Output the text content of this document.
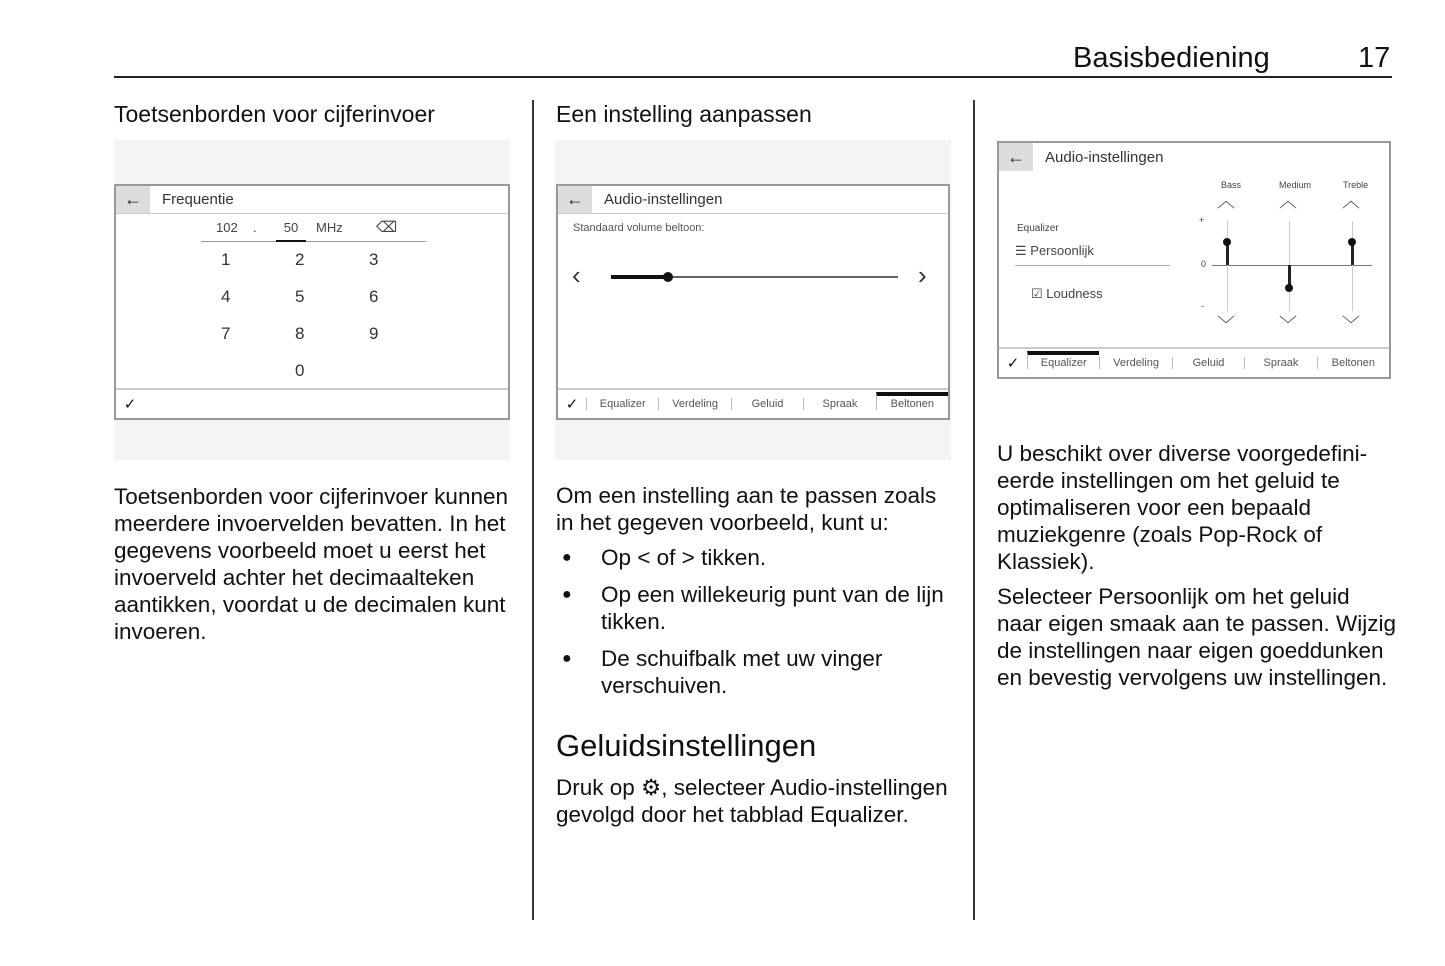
Basisbediening	17
Toetsenborden voor cijferinvoer
←	Frequentie
102 .	50	MHz ⌫
1	2	3
4	5	6
7	8	9
0
✓
Toetsenborden voor cijferinvoer kunnen meerdere invoervelden bevatten. In het gegevens voorbeeld moet u eerst het invoerveld achter het decimaalteken aantikken, voordat u de decimalen kunt invoeren.
Een instelling aanpassen
←	Audio-instellingen
Standaard volume beltoon:
‹	›
✓	Equalizer	Verdeling	Geluid	Spraak	Beltonen
Om een instelling aan te passen zoals in het gegeven voorbeeld, kunt u:
● Op < of > tikken.
● Op een willekeurig punt van de lijn tikken.
● De schuifbalk met uw vinger verschuiven.
Geluidsinstellingen
Druk op ⚙, selecteer Audio-instellingen gevolgd door het tabblad Equalizer.
←	Audio-instellingen
Equalizer
☰ Persoonlijk
☑ Loudness
Bass	Medium	Treble
+
0
-
︿
﹀
︿
﹀
︿
﹀
✓	Equalizer	Verdeling	Geluid	Spraak	Beltonen
U beschikt over diverse voorgedefini-eerde instellingen om het geluid te optimaliseren voor een bepaald muziekgenre (zoals Pop-Rock of Klassiek).
Selecteer Persoonlijk om het geluid naar eigen smaak aan te passen. Wijzig de instellingen naar eigen goeddunken en bevestig vervolgens uw instellingen.
